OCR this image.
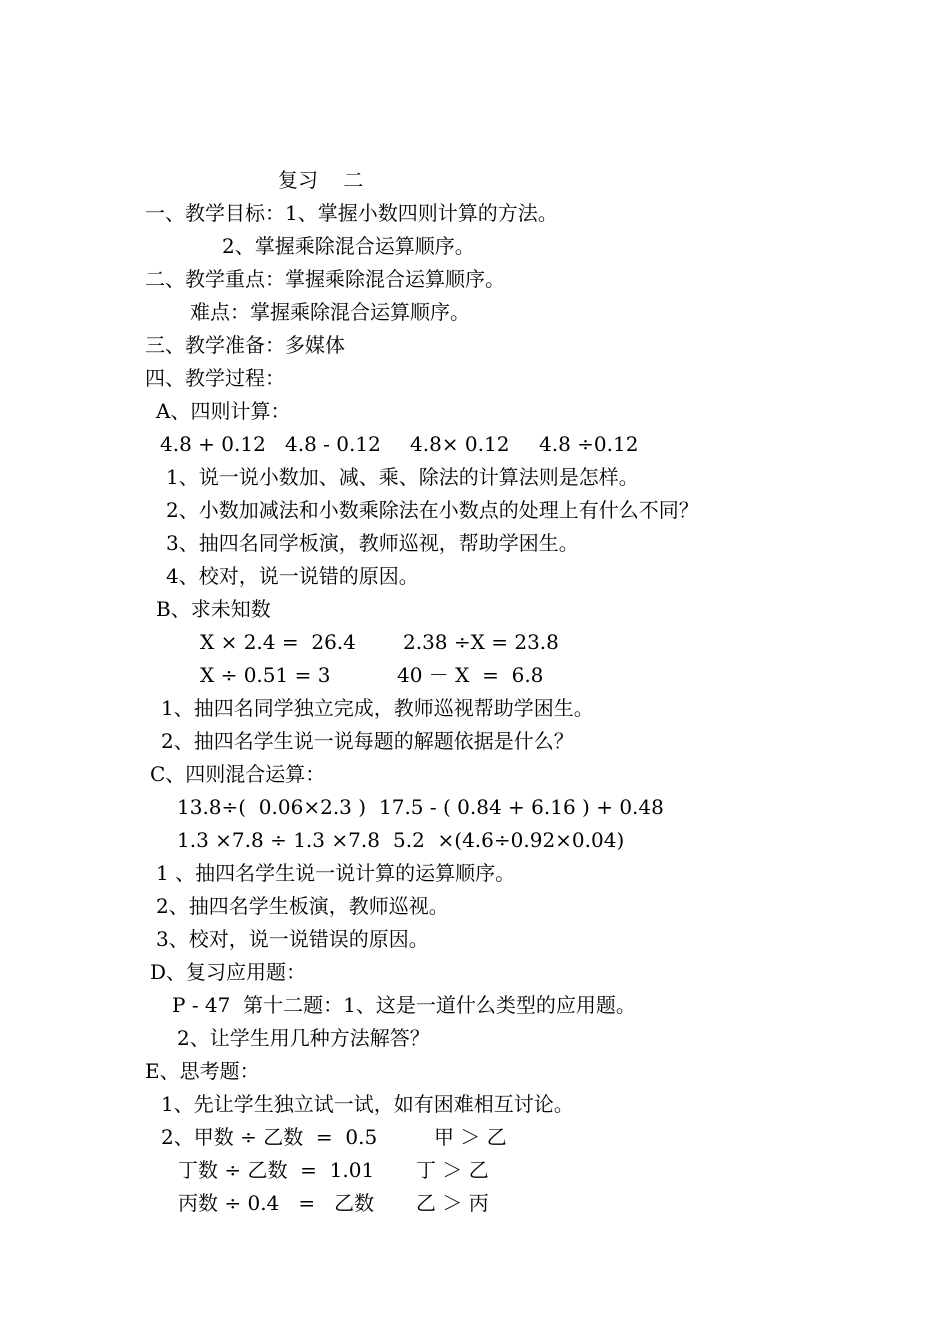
复习    二
一、教学目标：1、掌握小数四则计算的方法。
2、掌握乘除混合运算顺序。
二、教学重点：掌握乘除混合运算顺序。
难点：掌握乘除混合运算顺序。
三、教学准备：多媒体
四、教学过程：
A、四则计算：

4.8 + 0.12

4.8 - 0.12

4.8× 0.12

4.8 ÷0.12

1、说一说小数加、减、乘、除法的计算法则是怎样。
2、小数加减法和小数乘除法在小数点的处理上有什么不同？
3、抽四名同学板演，教师巡视，帮助学困生。
4、校对，说一说错的原因。
B、求未知数

X × 2.4 =  26.4

2.38 ÷X = 23.8

X ÷ 0.51 = 3

	40 － X  =  6.8

1、抽四名同学独立完成，教师巡视帮助学困生。
2、抽四名学生说一说每题的解题依据是什么？
C、四则混合运算：

13.8÷(  0.06×2.3 )

17.5 - ( 0.84 + 6.16 ) + 0.48

1.3 ×7.8 ÷ 1.3 ×7.8

5.2  ×(4.6÷0.92×0.04)

1 、抽四名学生说一说计算的运算顺序。
2、抽四名学生板演，教师巡视。
3、校对，说一说错误的原因。
D、复习应用题：
P - 47  第十二题：1、这是一道什么类型的应用题。
2、让学生用几种方法解答？
E、思考题：
1、先让学生独立试一试，如有困难相互讨论。

2、甲数 ÷ 乙数  =  0.5

	甲 ＞ 乙

丁数 ÷ 乙数  =  1.01

丁 ＞ 乙

丙数 ÷ 0.4   =   乙数

乙 ＞ 丙
